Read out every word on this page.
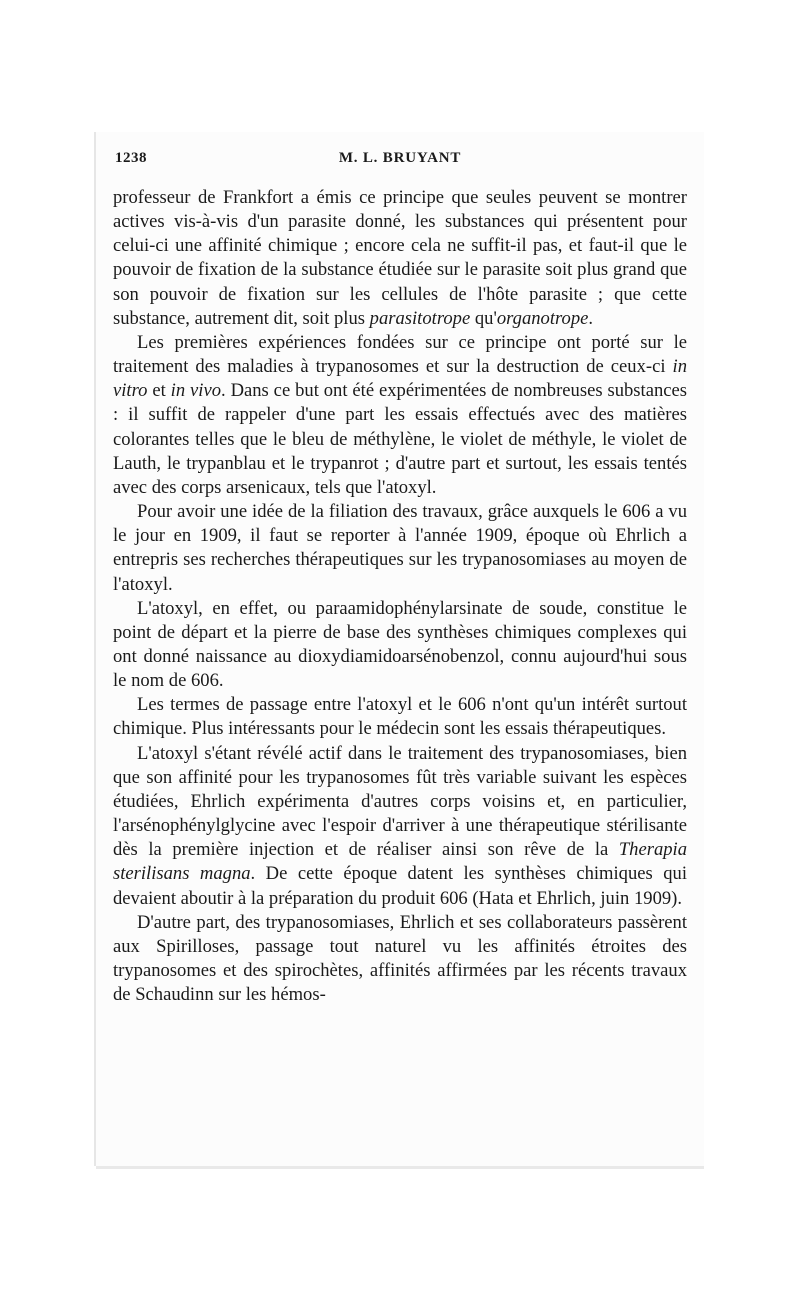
1238	M. L. BRUYANT

professeur de Frankfort a émis ce principe que seules peuvent se montrer actives vis-à-vis d'un parasite donné, les substances qui présentent pour celui-ci une affinité chimique ; encore cela ne suffit-il pas, et faut-il que le pouvoir de fixation de la substance étudiée sur le parasite soit plus grand que son pouvoir de fixation sur les cellules de l'hôte parasite ; que cette substance, autrement dit, soit plus parasitotrope qu'organotrope.

Les premières expériences fondées sur ce principe ont porté sur le traitement des maladies à trypanosomes et sur la destruction de ceux-ci in vitro et in vivo. Dans ce but ont été expérimentées de nombreuses substances : il suffit de rappeler d'une part les essais effectués avec des matières colorantes telles que le bleu de méthylène, le violet de méthyle, le violet de Lauth, le trypanblau et le trypanrot ; d'autre part et surtout, les essais tentés avec des corps arsenicaux, tels que l'atoxyl.

Pour avoir une idée de la filiation des travaux, grâce auxquels le 606 a vu le jour en 1909, il faut se reporter à l'année 1909, époque où Ehrlich a entrepris ses recherches thérapeutiques sur les trypanosomiases au moyen de l'atoxyl.

L'atoxyl, en effet, ou paraamidophénylarsinate de soude, constitue le point de départ et la pierre de base des synthèses chimiques complexes qui ont donné naissance au dioxydiamidoarsénobenzol, connu aujourd'hui sous le nom de 606.

Les termes de passage entre l'atoxyl et le 606 n'ont qu'un intérêt surtout chimique. Plus intéressants pour le médecin sont les essais thérapeutiques.

L'atoxyl s'étant révélé actif dans le traitement des trypanosomiases, bien que son affinité pour les trypanosomes fût très variable suivant les espèces étudiées, Ehrlich expérimenta d'autres corps voisins et, en particulier, l'arsénophénylglycine avec l'espoir d'arriver à une thérapeutique stérilisante dès la première injection et de réaliser ainsi son rêve de la Therapia sterilisans magna. De cette époque datent les synthèses chimiques qui devaient aboutir à la préparation du produit 606 (Hata et Ehrlich, juin 1909).

D'autre part, des trypanosomiases, Ehrlich et ses collaborateurs passèrent aux Spirilloses, passage tout naturel vu les affinités étroites des trypanosomes et des spirochètes, affinités affirmées par les récents travaux de Schaudinn sur les hémos-
